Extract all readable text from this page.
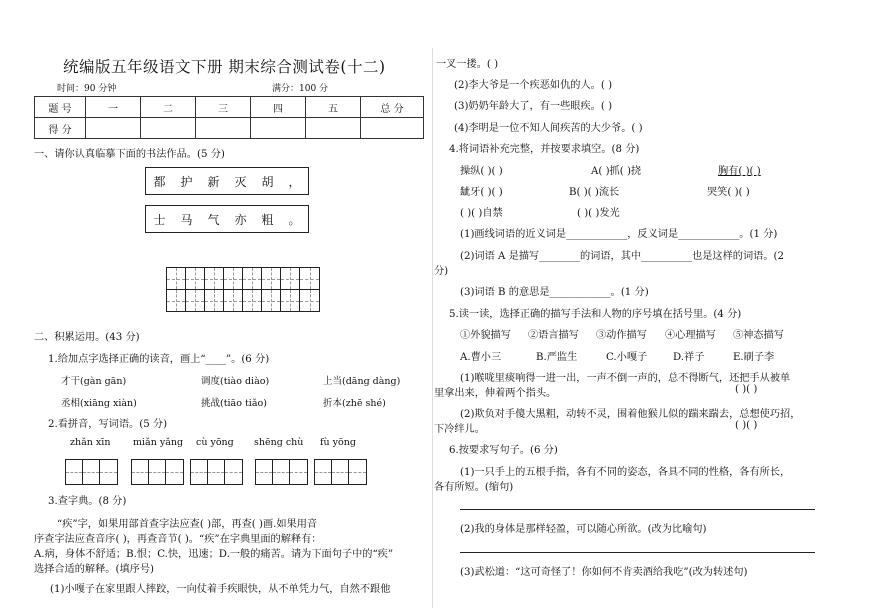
统编版五年级语文下册 期末综合测试卷(十二)
时间：90 分钟	满分：100 分
题 号	一	二	三	四	五	总 分
得 分						
一、请你认真临摹下面的书法作品。(5 分)
都	护	新	灭	胡	，
士	马	气	亦	粗	。
二、积累运用。(43 分)
1.给加点字选择正确的读音，画上“____”。(6 分)
才干(gàn gān)	调度(tiào diào)	上当(dāng dàng)
丞相(xiāng xiàn)	挑战(tiāo tiǎo)	折本(zhē shé)
2.看拼音，写词语。(5 分)
zhǎn xīn miǎn yǎng cù yōng shēng chù fù yōng
3.查字典。(8 分)
“疾”字，如果用部首查字法应查( )部，再查( )画.如果用音
序查字法应查音序( )，再查音节( )。“疾”在字典里面的解释有：
A.病，身体不舒适；B.恨；C.快，迅速；D.一般的痛苦。请为下面句子中的“疾”
选择合适的解释。(填序号)
(1)小嘎子在家里跟人摔跤，一向仗着手疾眼快，从不单凭力气，自然不跟他
一叉一搂。( )
(2)李大爷是一个疾恶如仇的人。( )
(3)奶奶年龄大了，有一些眼疾。( )
(4)李明是一位不知人间疾苦的大少爷。( )
4.将词语补充完整，并按要求填空。(8 分)
操纵( )( )	A( )抓( )挠	胸有( )( )
龇牙( )( )	B( )( )流长	哭笑( )( )
( )( )自禁	( )( )发光
(1)画线词语的近义词是____________，反义词是____________。(1 分)
(2)词语 A 是描写________的词语，其中__________也是这样的词语。(2
分)
(3)词语 B 的意思是____________。(1 分)
5.读一读，选择正确的描写手法和人物的序号填在括号里。(4 分)
①外貌描写 ②语言描写 ③动作描写 ④心理描写 ⑤神态描写
A.曹小三	B.严监生	C.小嘎子	D.祥子	E.刷子李
(1)喉咙里痰响得一进一出，一声不倒一声的，总不得断气，还把手从被单
里拿出来，伸着两个指头。	( )( )
(2)欺负对手傻大黑粗，动转不灵，围着他猴儿似的踹来踹去，总想使巧招，
下冷绊儿。	( )( )
6.按要求写句子。(6 分)
(1)一只手上的五根手指，各有不同的姿态，各具不同的性格，各有所长，
各有所短。(缩句)
(2)我的身体是那样轻盈，可以随心所欲。(改为比喻句)
(3)武松道：“这可奇怪了！你如何不肯卖酒给我吃”(改为转述句)
